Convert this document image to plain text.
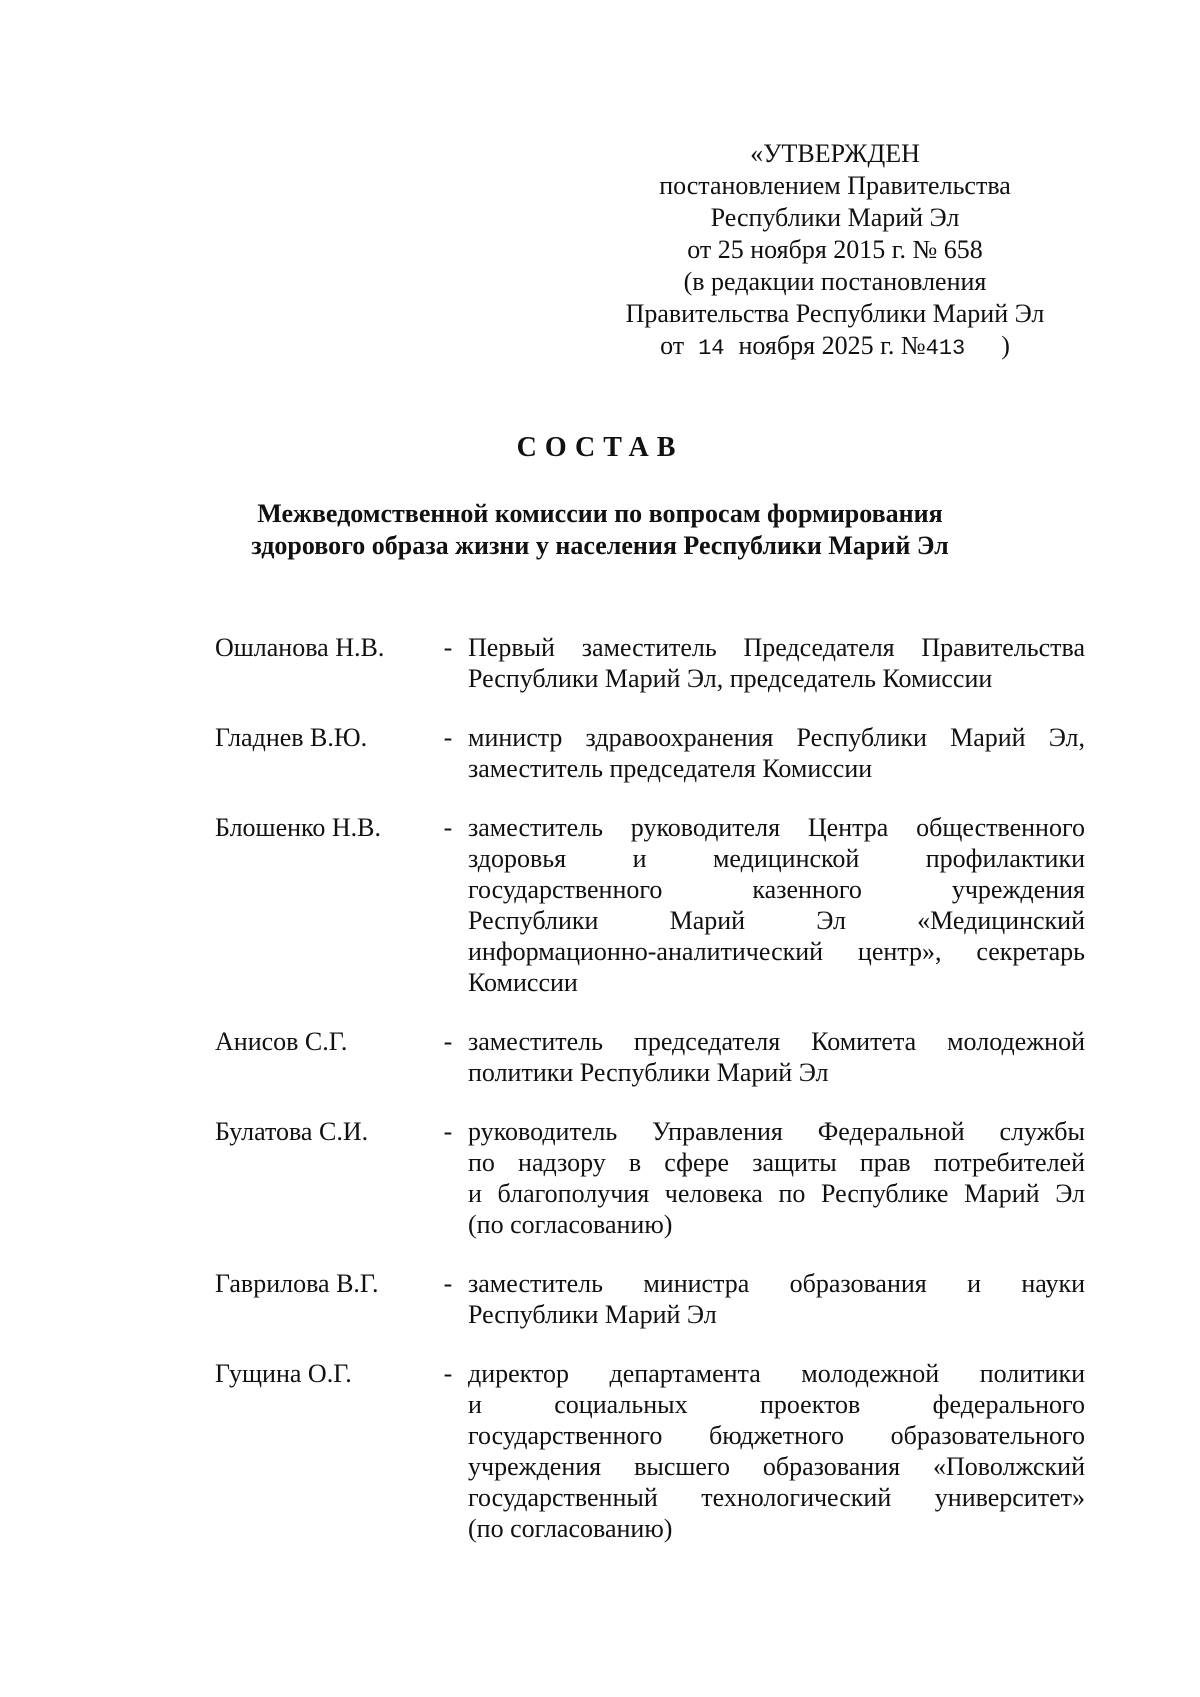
«УТВЕРЖДЕН
постановлением Правительства
Республики Марий Эл
от 25 ноября 2015 г. № 658
(в редакции постановления
Правительства Республики Марий Эл
от 14 ноября 2025 г. №413 )
СОСТАВ
Межведомственной комиссии по вопросам формирования
здорового образа жизни у населения Республики Марий Эл
Ошланова Н.В.	- Первый заместитель Председателя Правительства
Республики Марий Эл, председатель Комиссии
Гладнев В.Ю.	- министр здравоохранения Республики Марий Эл,
заместитель председателя Комиссии
Блошенко Н.В.	- заместитель руководителя Центра общественного
здоровья и медицинской профилактики
государственного казенного учреждения
Республики Марий Эл «Медицинский
информационно-аналитический центр», секретарь
Комиссии
Анисов С.Г.	- заместитель председателя Комитета молодежной
политики Республики Марий Эл
Булатова С.И.	- руководитель Управления Федеральной службы
по надзору в сфере защиты прав потребителей
и благополучия человека по Республике Марий Эл
(по согласованию)
Гаврилова В.Г.	- заместитель министра образования и науки
Республики Марий Эл
Гущина О.Г.	- директор департамента молодежной политики
и социальных проектов федерального
государственного бюджетного образовательного
учреждения высшего образования «Поволжский
государственный технологический университет»
(по согласованию)
